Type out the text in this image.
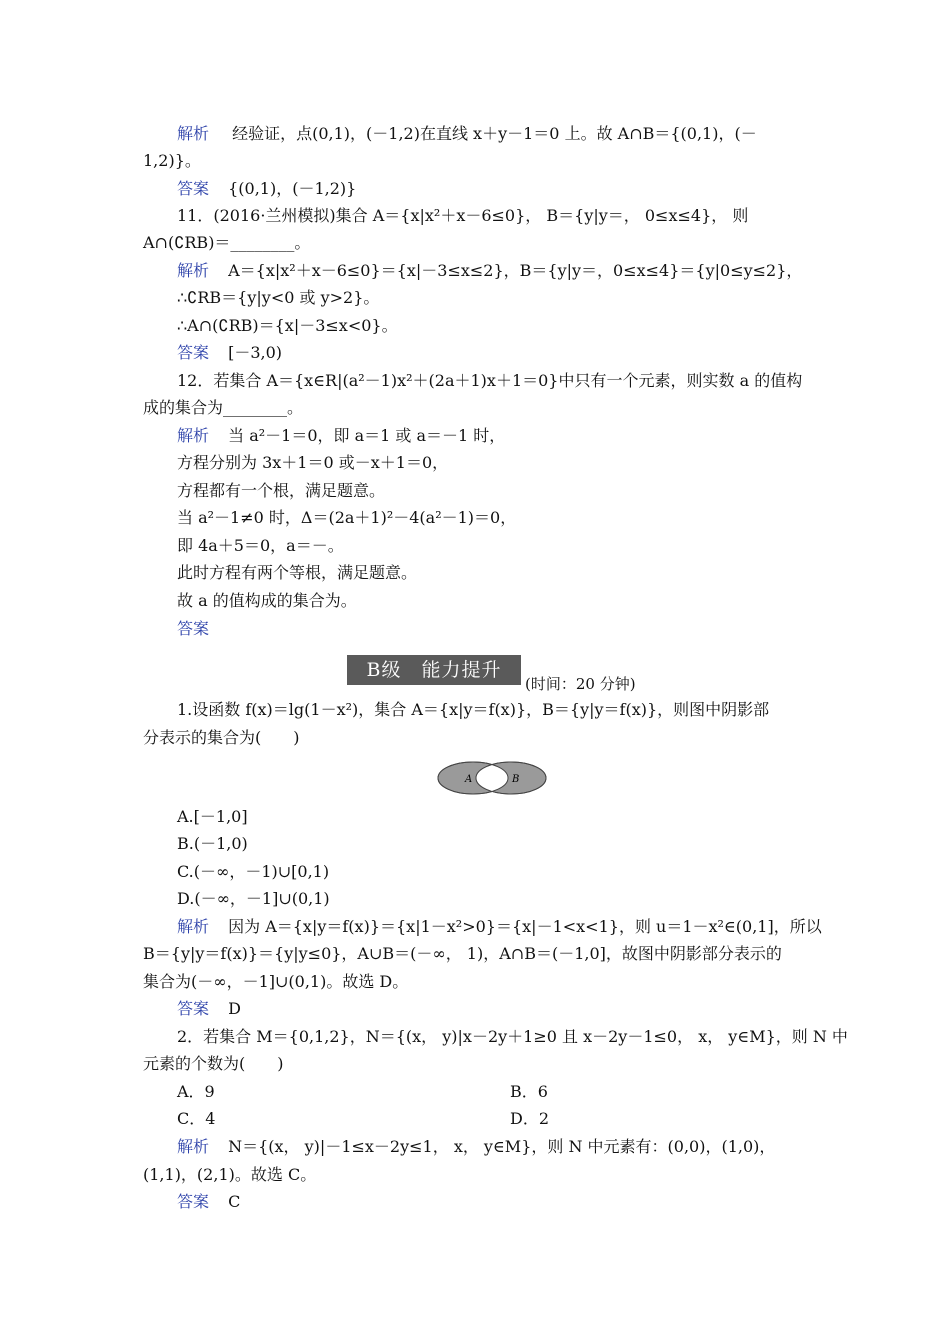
解析 经验证，点(0,1)，(－1,2)在直线 x＋y－1＝0 上。故 A∩B＝{(0,1)，(－
1,2)}。
答案 {(0,1)，(－1,2)}
11．(2016·兰州模拟)集合 A＝{x|x²＋x－6≤0}， B＝{y|y＝， 0≤x≤4}， 则
A∩(∁RB)＝________。
解析 A＝{x|x²＋x－6≤0}＝{x|－3≤x≤2}，B＝{y|y＝，0≤x≤4}＝{y|0≤y≤2}，
∴∁RB＝{y|y<0 或 y>2}。
∴A∩(∁RB)＝{x|－3≤x<0}。
答案 [－3,0)
12．若集合 A＝{x∈R|(a²－1)x²＋(2a＋1)x＋1＝0}中只有一个元素，则实数 a 的值构
成的集合为________。
解析 当 a²－1＝0，即 a＝1 或 a＝－1 时，
方程分别为 3x＋1＝0 或－x＋1＝0，
方程都有一个根，满足题意。
当 a²－1≠0 时，Δ＝(2a＋1)²－4(a²－1)＝0，
即 4a＋5＝0，a＝－。
此时方程有两个等根，满足题意。
故 a 的值构成的集合为。
答案
B级　能力提升
(时间：20 分钟)
1.设函数 f(x)＝lg(1－x²)，集合 A＝{x|y＝f(x)}，B＝{y|y＝f(x)}，则图中阴影部
分表示的集合为(　　)
A	B
A.[－1,0]
B.(－1,0)
C.(－∞，－1)∪[0,1)
D.(－∞，－1]∪(0,1)
解析 因为 A＝{x|y＝f(x)}＝{x|1－x²>0}＝{x|－1<x<1}，则 u＝1－x²∈(0,1]，所以
B＝{y|y＝f(x)}＝{y|y≤0}，A∪B＝(－∞， 1)，A∩B＝(－1,0]，故图中阴影部分表示的
集合为(－∞，－1]∪(0,1)。故选 D。
答案 D
2．若集合 M＝{0,1,2}，N＝{(x， y)|x－2y＋1≥0 且 x－2y－1≤0， x， y∈M}，则 N 中
元素的个数为(　　)
A．9	B．6
C．4	D．2
解析 N＝{(x， y)|－1≤x－2y≤1， x， y∈M}，则 N 中元素有：(0,0)，(1,0)，
(1,1)，(2,1)。故选 C。
答案 C
